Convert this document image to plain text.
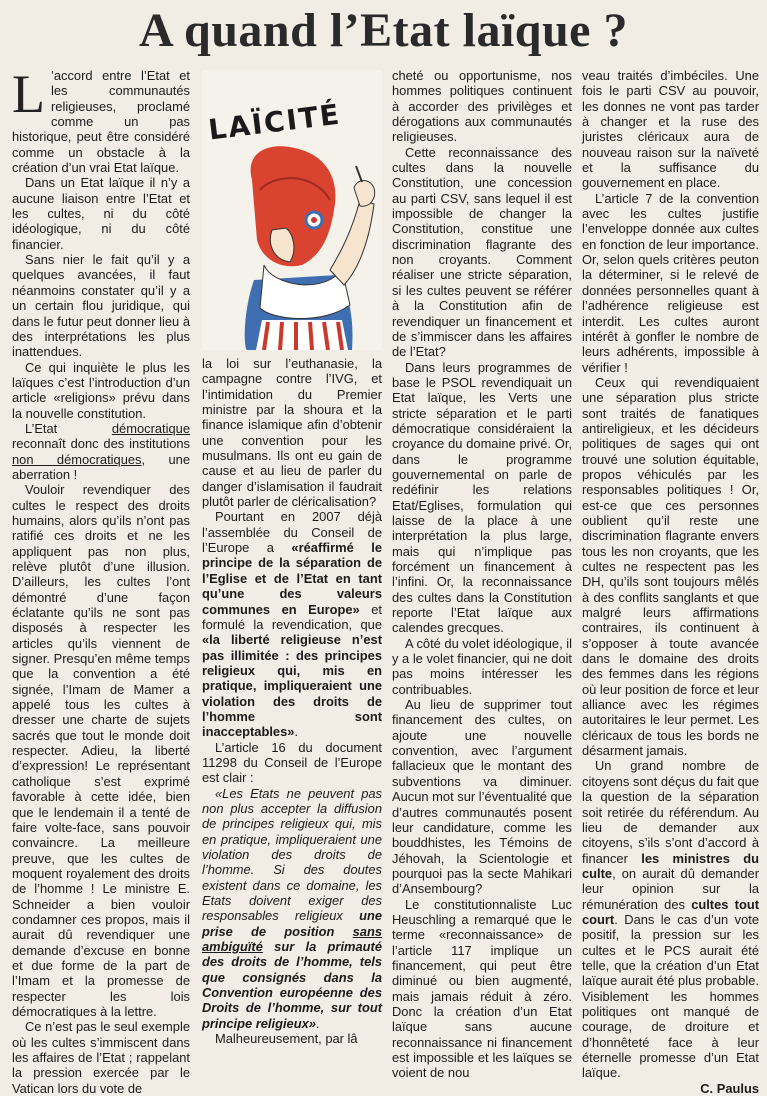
A quand l’Etat laïque ?

L ’accord entre l’Etat et les communautés religieuses, proclamé comme un pas historique, peut être considéré comme un obstacle à la création d’un vrai Etat laïque.

Dans un Etat laïque il n’y a aucune liaison entre l’Etat et les cultes, ni du côté idéologique, ni du côté financier.

Sans nier le fait qu’il y a quelques avancées, il faut néanmoins constater qu’il y a un certain flou juridique, qui dans le futur peut donner lieu à des interprétations les plus inattendues.

Ce qui inquiète le plus les laïques c’est l’introduction d’un article «religions» prévu dans la nouvelle constitution.

L’Etat démocratique reconnaît donc des institutions non démocratiques, une aberration !

Vouloir revendiquer des cultes le respect des droits humains, alors qu’ils n’ont pas ratifié ces droits et ne les appliquent pas non plus, relève plutôt d’une illusion. D’ailleurs, les cultes l’ont démontré d’une façon éclatante qu’ils ne sont pas disposés à respecter les articles qu’ils viennent de signer. Presqu’en même temps que la convention a été signée, l’Imam de Mamer a appelé tous les cultes à dresser une charte de sujets sacrés que tout le monde doit respecter. Adieu, la liberté d’expression! Le représentant catholique s’est exprimé favorable à cette idée, bien que le lendemain il a tenté de faire volte-face, sans pouvoir convaincre. La meilleure preuve, que les cultes de moquent royalement des droits de l’homme ! Le ministre E. Schneider a bien vouloir condamner ces propos, mais il aurait dû revendiquer une demande d’excuse en bonne et due forme de la part de l’Imam et la promesse de respecter les lois démocratiques à la lettre.

Ce n’est pas le seul exemple où les cultes s’immiscent dans les affaires de l’Etat ; rappelant la pression exercée par le Vatican lors du vote de

LAÏCITÉ

la loi sur l’euthanasie, la campagne contre l’IVG, et l’intimidation du Premier ministre par la shoura et la finance islamique afin d’obtenir une convention pour les musulmans. Ils ont eu gain de cause et au lieu de parler du danger d’islamisation il faudrait plutôt parler de cléricalisation?

Pourtant en 2007 déjà l’assemblée du Conseil de l’Europe a «réaffirmé le principe de la séparation de l’Eglise et de l’Etat en tant qu’une des valeurs communes en Europe» et formulé la revendication, que «la liberté religieuse n’est pas illimitée : des principes religieux qui, mis en pratique, impliqueraient une violation des droits de l’homme sont inacceptables».

L’article 16 du document 11298 du Conseil de l’Europe est clair :

«Les Etats ne peuvent pas non plus accepter la diffusion de principes religieux qui, mis en pratique, impliqueraient une violation des droits de l’homme. Si des doutes existent dans ce domaine, les Etats doivent exiger des responsables religieux une prise de position sans ambiguïté sur la primauté des droits de l’homme, tels que consignés dans la Convention européenne des Droits de l’homme, sur tout principe religieux».

Malheureusement, par lâ

cheté ou opportunisme, nos hommes politiques continuent à accorder des privilèges et dérogations aux communautés religieuses.

Cette reconnaissance des cultes dans la nouvelle Constitution, une concession au parti CSV, sans lequel il est impossible de changer la Constitution, constitue une discrimination flagrante des non croyants. Comment réaliser une stricte séparation, si les cultes peuvent se référer à la Constitution afin de revendiquer un financement et de s’immiscer dans les affaires de l’Etat?

Dans leurs programmes de base le PSOL revendiquait un Etat laïque, les Verts une stricte séparation et le parti démocratique considéraient la croyance du domaine privé. Or, dans le programme gouvernemental on parle de redéfinir les relations Etat/Eglises, formulation qui laisse de la place à une interprétation la plus large, mais qui n’implique pas forcément un financement à l’infini. Or, la reconnaissance des cultes dans la Constitution reporte l’Etat laïque aux calendes grecques.

A côté du volet idéologique, il y a le volet financier, qui ne doit pas moins intéresser les contribuables.

Au lieu de supprimer tout financement des cultes, on ajoute une nouvelle convention, avec l’argument fallacieux que le montant des subventions va diminuer. Aucun mot sur l’éventualité que d’autres communautés posent leur candidature, comme les bouddhistes, les Témoins de Jéhovah, la Scientologie et pourquoi pas la secte Mahikari d’Ansembourg?

Le constitutionnaliste Luc Heuschling a remarqué que le terme «reconnaissance» de l’article 117 implique un financement, qui peut être diminué ou bien augmenté, mais jamais réduit à zéro. Donc la création d’un Etat laïque sans aucune reconnaissance ni financement est impossible et les laïques se voient de nou

veau traités d’imbéciles. Une fois le parti CSV au pouvoir, les donnes ne vont pas tarder à changer et la ruse des juristes cléricaux aura de nouveau raison sur la naïveté et la suffisance du gouvernement en place.

L’article 7 de la convention avec les cultes justifie l’enveloppe donnée aux cultes en fonction de leur importance. Or, selon quels critères peuton la déterminer, si le relevé de données personnelles quant à l’adhérence religieuse est interdit. Les cultes auront intérêt à gonfler le nombre de leurs adhérents, impossible à vérifier !

Ceux qui revendiquaient une séparation plus stricte sont traités de fanatiques antireligieux, et les décideurs politiques de sages qui ont trouvé une solution équitable, propos véhiculés par les responsables politiques ! Or, est-ce que ces personnes oublient qu’il reste une discrimination flagrante envers tous les non croyants, que les cultes ne respectent pas les DH, qu’ils sont toujours mêlés à des conflits sanglants et que malgré leurs affirmations contraires, ils continuent à s’opposer à toute avancée dans le domaine des droits des femmes dans les régions où leur position de force et leur alliance avec les régimes autoritaires le leur permet. Les cléricaux de tous les bords ne désarment jamais.

Un grand nombre de citoyens sont déçus du fait que la question de la séparation soit retirée du référendum. Au lieu de demander aux citoyens, s’ils s’ont d’accord à financer les ministres du culte, on aurait dû demander leur opinion sur la rémunération des cultes tout court. Dans le cas d’un vote positif, la pression sur les cultes et le PCS aurait été telle, que la création d’un Etat laïque aurait été plus probable. Visiblement les hommes politiques ont manqué de courage, de droiture et d’honnêteté face à leur éternelle promesse d’un Etat laïque.

C. Paulus
